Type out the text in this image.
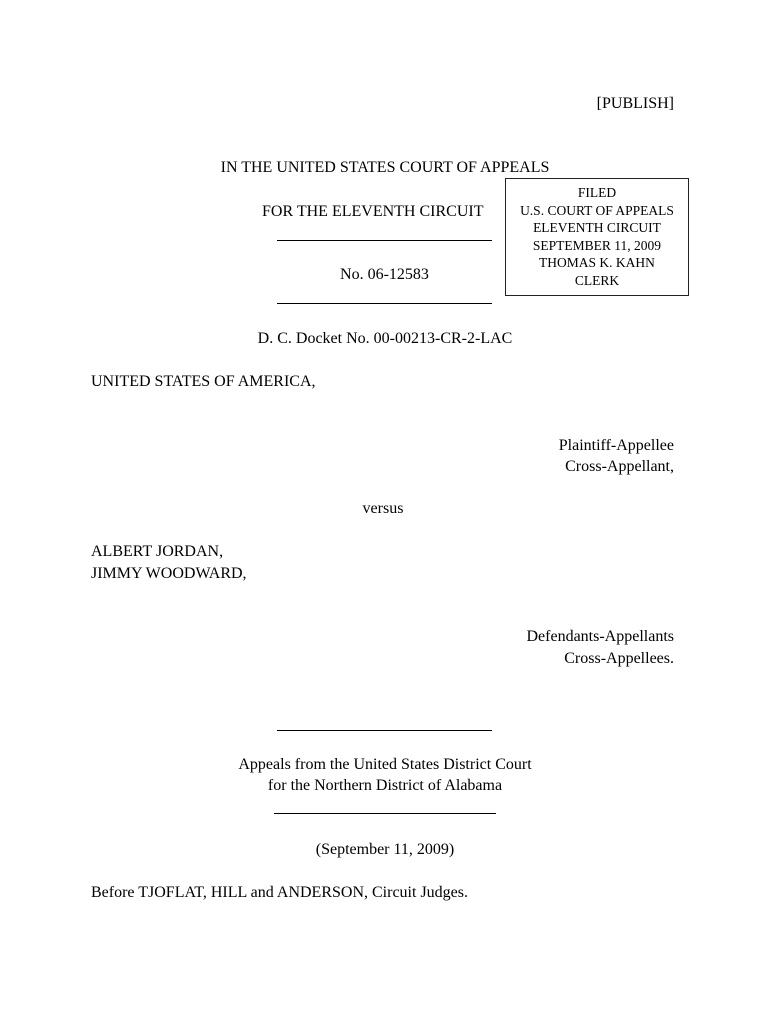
[PUBLISH]
IN THE UNITED STATES COURT OF APPEALS
FOR THE ELEVENTH CIRCUIT
No. 06-12583
FILED
U.S. COURT OF APPEALS
ELEVENTH CIRCUIT
SEPTEMBER 11, 2009
THOMAS K. KAHN
CLERK
D. C. Docket No. 00-00213-CR-2-LAC
UNITED STATES OF AMERICA,
Plaintiff-Appellee
Cross-Appellant,
versus
ALBERT JORDAN,
JIMMY WOODWARD,
Defendants-Appellants
Cross-Appellees.
Appeals from the United States District Court
for the Northern District of Alabama
(September 11, 2009)
Before TJOFLAT, HILL and ANDERSON, Circuit Judges.
